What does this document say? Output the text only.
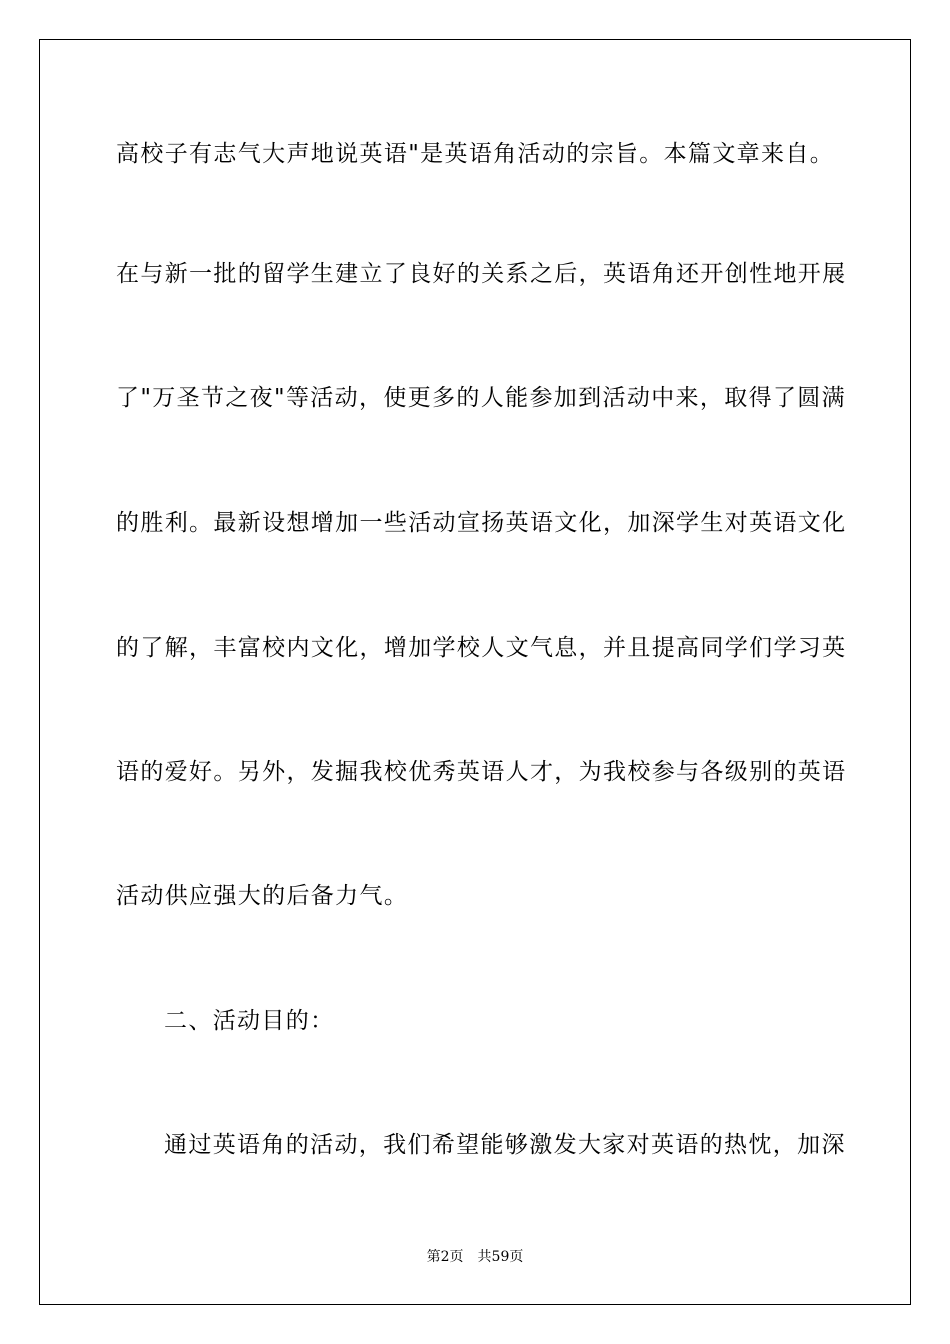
高校子有志气大声地说英语"是英语角活动的宗旨。本篇文章来自。
在与新一批的留学生建立了良好的关系之后，英语角还开创性地开展
了"万圣节之夜"等活动，使更多的人能参加到活动中来，取得了圆满
的胜利。最新设想增加一些活动宣扬英语文化，加深学生对英语文化
的了解，丰富校内文化，增加学校人文气息，并且提高同学们学习英
语的爱好。另外，发掘我校优秀英语人才，为我校参与各级别的英语
活动供应强大的后备力气。
二、活动目的：
通过英语角的活动，我们希望能够激发大家对英语的热忱，加深
第2页 共59页
